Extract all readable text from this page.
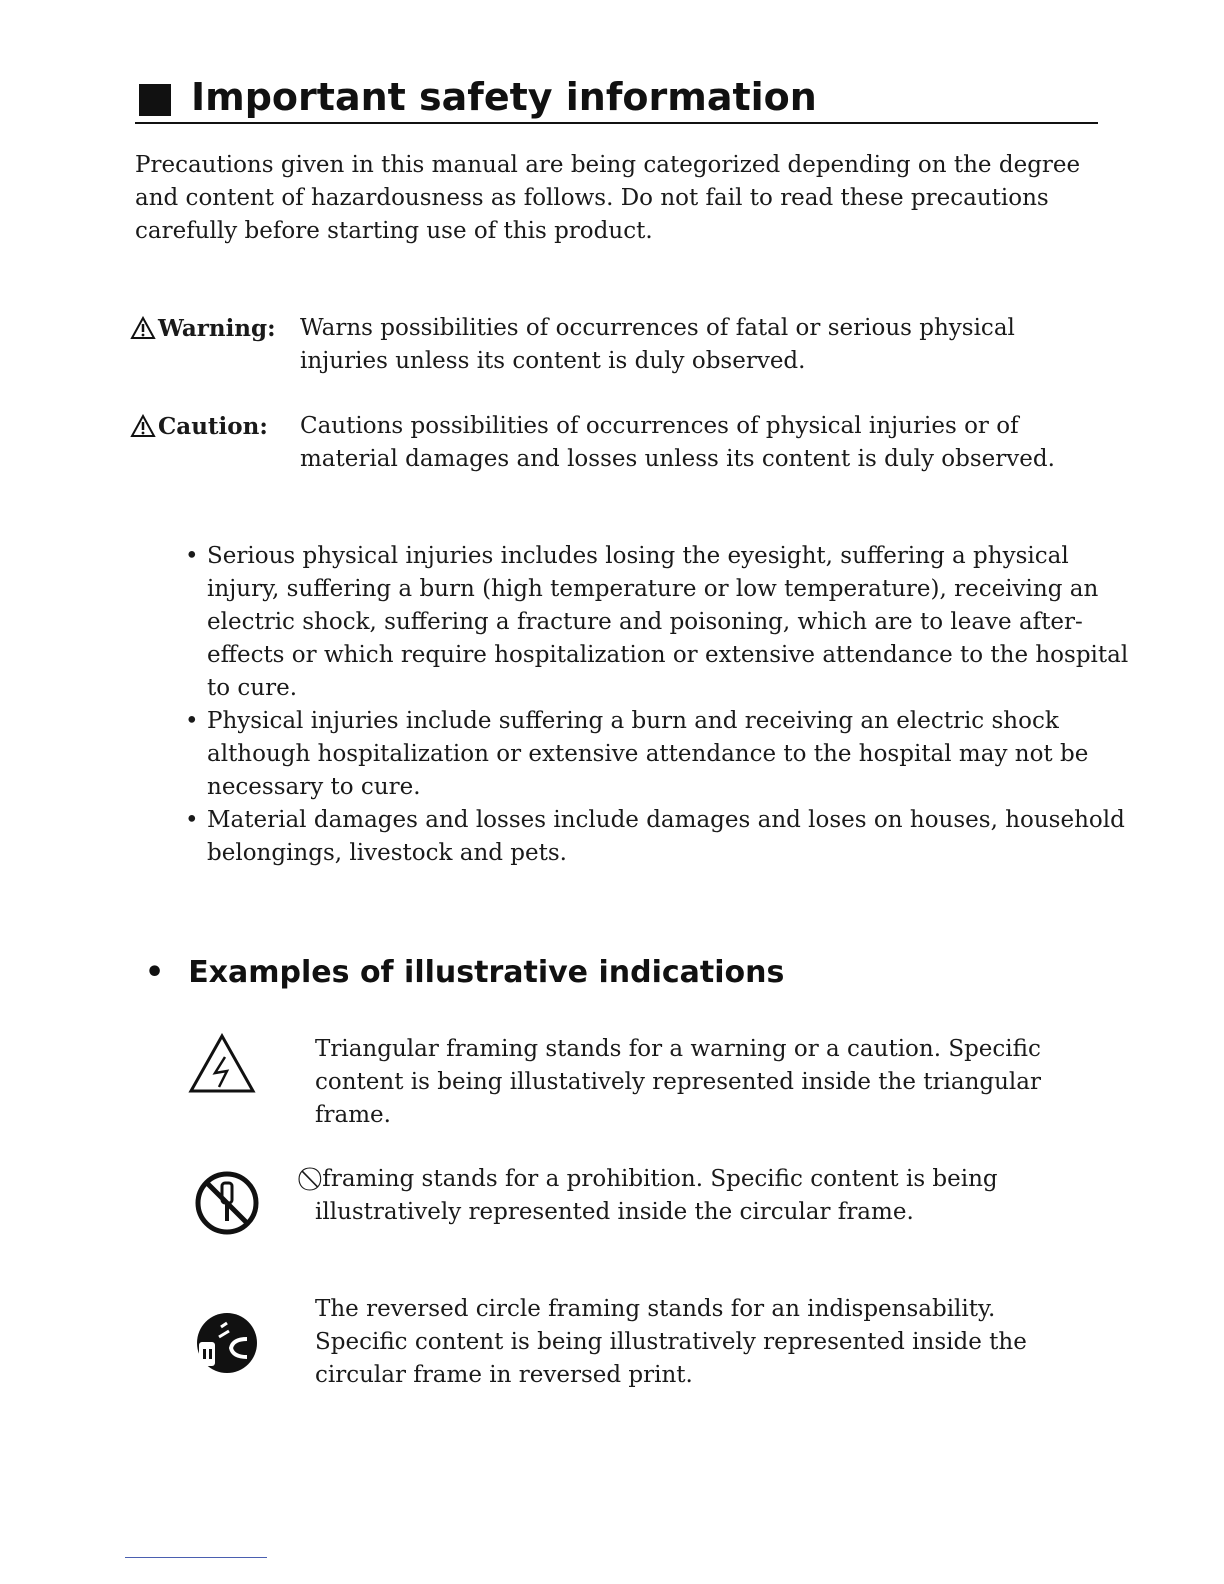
Important safety information

Precautions given in this manual are being categorized depending on the degree and content of hazardousness as follows. Do not fail to read these precautions carefully before starting use of this product.

Warning: Warns possibilities of occurrences of fatal or serious physical injuries unless its content is duly observed.

Caution: Cautions possibilities of occurrences of physical injuries or of material damages and losses unless its content is duly observed.

• Serious physical injuries includes losing the eyesight, suffering a physical injury, suffering a burn (high temperature or low temperature), receiving an electric shock, suffering a fracture and poisoning, which are to leave after-effects or which require hospitalization or extensive attendance to the hospital to cure.
• Physical injuries include suffering a burn and receiving an electric shock although hospitalization or extensive attendance to the hospital may not be necessary to cure.
• Material damages and losses include damages and loses on houses, household belongings, livestock and pets.
• Examples of illustrative indications

Triangular framing stands for a warning or a caution. Specific content is being illustatively represented inside the triangular frame.

⃠ framing stands for a prohibition. Specific content is being illustratively represented inside the circular frame.

The reversed circle framing stands for an indispensability. Specific content is being illustratively represented inside the circular frame in reversed print.
